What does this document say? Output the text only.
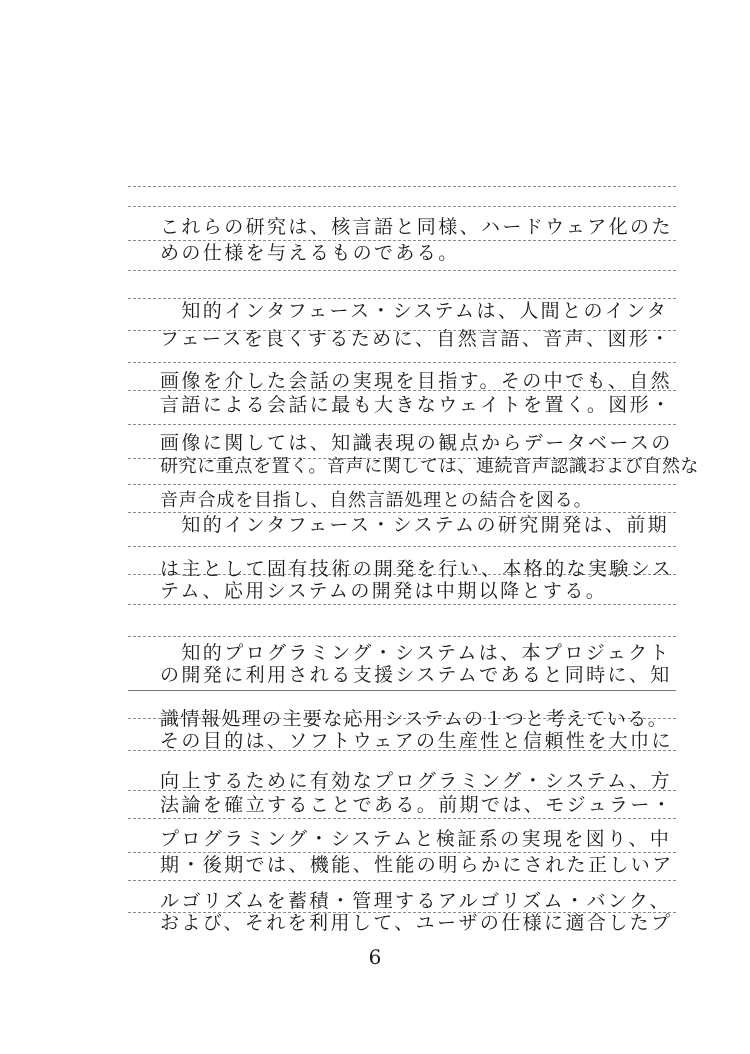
これらの研究は、核言語と同様、ハードウェア化のた
めの仕様を与えるものである。
　知的インタフェース・システムは、人間とのインタ
フェースを良くするために、自然言語、音声、図形・
画像を介した会話の実現を目指す。その中でも、自然
言語による会話に最も大きなウェイトを置く。図形・
画像に関しては、知識表現の観点からデータベースの
研究に重点を置く。音声に関しては、連続音声認識および自然な
音声合成を目指し、自然言語処理との結合を図る。
　知的インタフェース・システムの研究開発は、前期
は主として固有技術の開発を行い、本格的な実験シス
テム、応用システムの開発は中期以降とする。
　知的プログラミング・システムは、本プロジェクト
の開発に利用される支援システムであると同時に、知
識情報処理の主要な応用システムの１つと考えている。
その目的は、ソフトウェアの生産性と信頼性を大巾に
向上するために有効なプログラミング・システム、方
法論を確立することである。前期では、モジュラー・
プログラミング・システムと検証系の実現を図り、中
期・後期では、機能、性能の明らかにされた正しいア
ルゴリズムを蓄積・管理するアルゴリズム・バンク、
および、それを利用して、ユーザの仕様に適合したプ
6
